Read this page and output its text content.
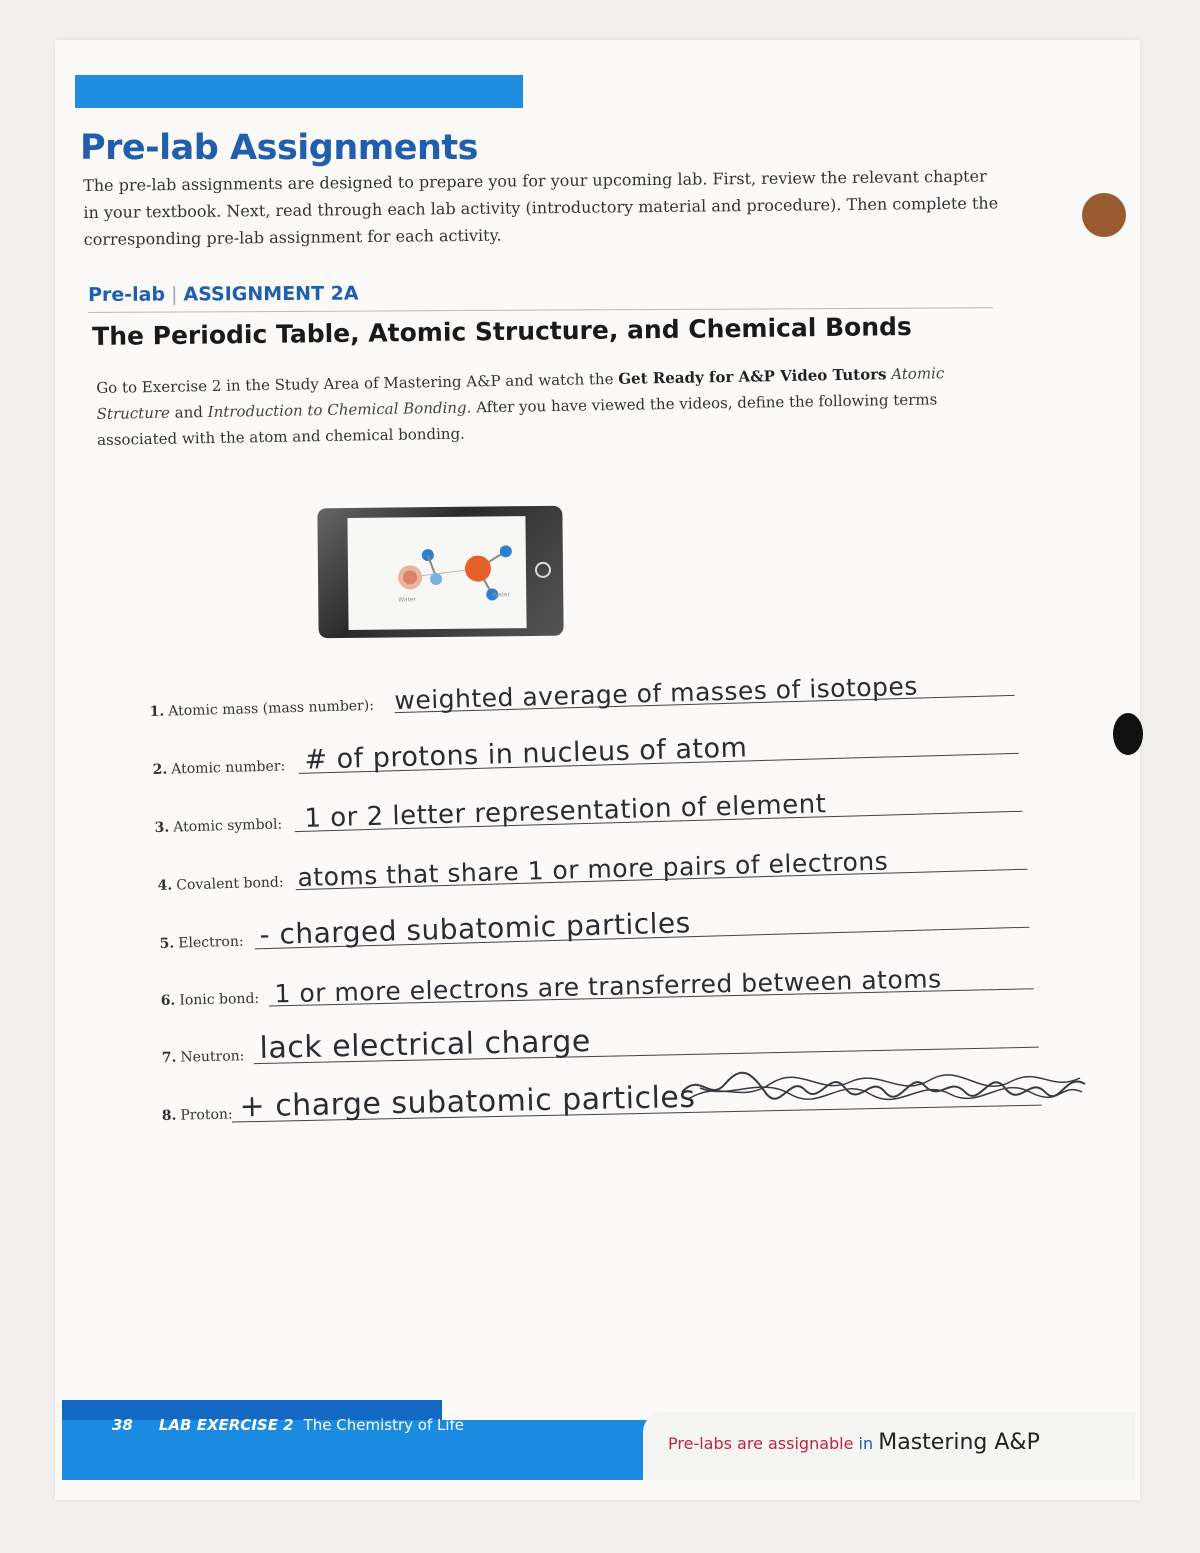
Pre-lab Assignments
The pre-lab assignments are designed to prepare you for your upcoming lab. First, review the relevant chapter in your textbook. Next, read through each lab activity (introductory material and procedure). Then complete the corresponding pre-lab assignment for each activity.
Pre-lab | ASSIGNMENT 2A
The Periodic Table, Atomic Structure, and Chemical Bonds
Go to Exercise 2 in the Study Area of Mastering A&P and watch the Get Ready for A&P Video Tutors Atomic Structure and Introduction to Chemical Bonding. After you have viewed the videos, define the following terms associated with the atom and chemical bonding.
Water
Water
1. Atomic mass (mass number): weighted average of masses of isotopes
2. Atomic number: # of protons in nucleus of atom
3. Atomic symbol: 1 or 2 letter representation of element
4. Covalent bond: atoms that share 1 or more pairs of electrons
5. Electron: - charged subatomic particles
6. Ionic bond: 1 or more electrons are transferred between atoms
7. Neutron: lack electrical charge
8. Proton: + charge subatomic particles
38 LAB EXERCISE 2 The Chemistry of Life
Pre-labs are assignable in Mastering A&P
